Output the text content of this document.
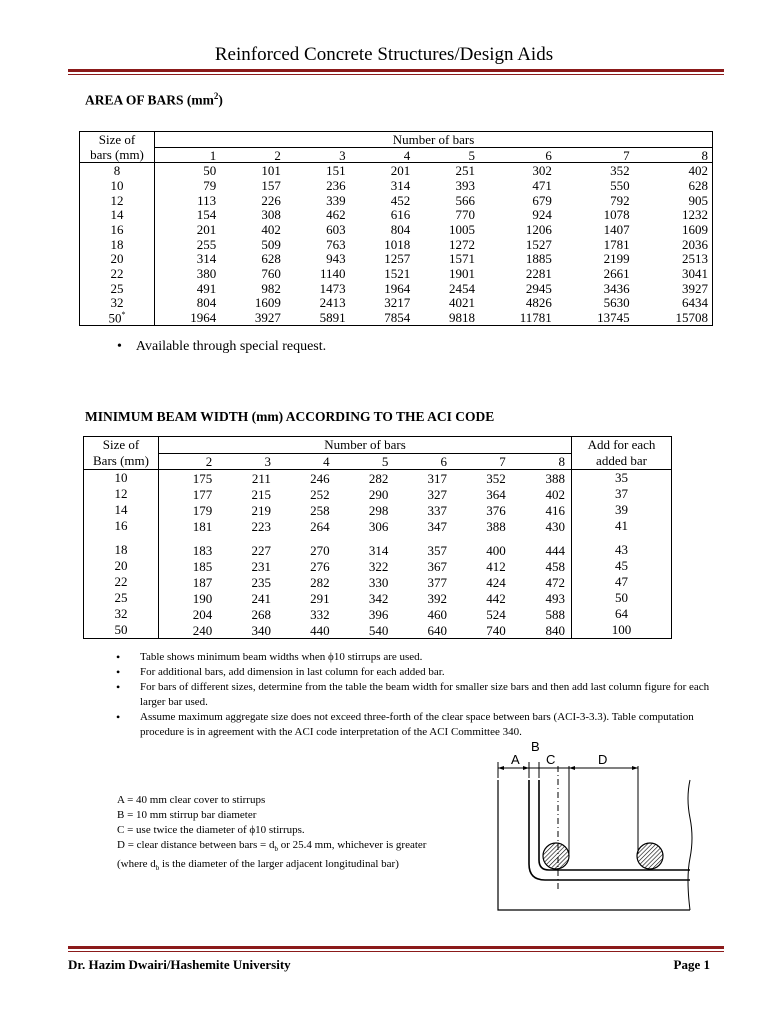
Reinforced Concrete Structures/Design Aids
AREA OF BARS $(mm^2)$
Size of	Number of bars							
bars (mm)	1	2	3	4	5	6	7	8
8	50	101	151	201	251	302	352	402
10	79	157	236	314	393	471	550	628
12	113	226	339	452	566	679	792	905
14	154	308	462	616	770	924	1078	1232
16	201	402	603	804	1005	1206	1407	1609
18	255	509	763	1018	1272	1527	1781	2036
20	314	628	943	1257	1571	1885	2199	2513
22	380	760	1140	1521	1901	2281	2661	3041
25	491	982	1473	1964	2454	2945	3436	3927
32	804	1609	2413	3217	4021	4826	5630	6434
50*	1964	3927	5891	7854	9818	11781	13745	15708
•    Available through special request.
MINIMUM BEAM WIDTH (mm) ACCORDING TO THE ACI CODE
Size of	Number of bars							Add for each
Bars (mm)	2	3	4	5	6	7	8	added bar
10	175	211	246	282	317	352	388	35
12	177	215	252	290	327	364	402	37
14	179	219	258	298	337	376	416	39
16	181	223	264	306	347	388	430	41

18	183	227	270	314	357	400	444	43
20	185	231	276	322	367	412	458	45
22	187	235	282	330	377	424	472	47
25	190	241	291	342	392	442	493	50
32	204	268	332	396	460	524	588	64
50	240	340	440	540	640	740	840	100
• Table shows minimum beam widths when ϕ10 stirrups are used.
• For additional bars, add dimension in last column for each added bar.
• For bars of different sizes, determine from the table the beam width for smaller size bars and then add last column figure for each larger bar used.
• Assume maximum aggregate size does not exceed three-forth of the clear space between bars (ACI-3-3.3). Table computation procedure is in agreement with the ACI code interpretation of the ACI Committee 340.
A = 40 mm clear cover to stirrups
B = 10 mm stirrup bar diameter
C = use twice the diameter of ϕ10 stirrups.
D = clear distance between bars = $d_b$ or 25.4 mm, whichever is greater
(where $d_b$ is the diameter of the larger adjacent longitudinal bar)
A
B
C	D
Dr. Hazim Dwairi/Hashemite University	Page 1
